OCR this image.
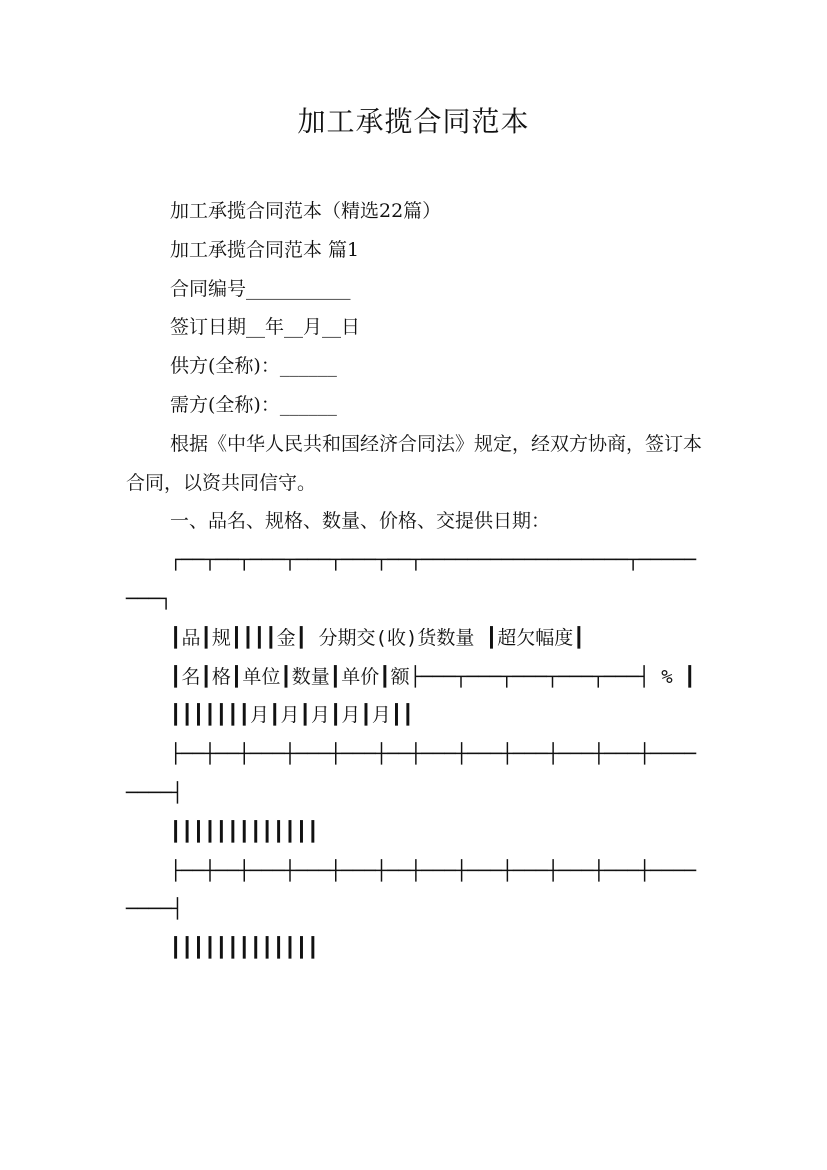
加工承揽合同范本

加工承揽合同范本（精选22篇）

加工承揽合同范本 篇1

合同编号___________

签订日期__年__月__日

供方(全称)：______

需方(全称)：______

根据《中华人民共和国经济合同法》规定，经双方协商，签订本合同，以资共同信守。

一、品名、规格、数量、价格、交提供日期：

┌──┬──┬───┬───┬───┬──┬──────────────────┬────────┐

┃品┃规┃┃┃┃金┃ 分期交(收)货数量 ┃超欠幅度┃

┃名┃格┃单位┃数量┃单价┃额├───┬───┬───┬───┬───┤ % ┃

┃┃┃┃┃┃┃月┃月┃月┃月┃月┃┃

├──┼──┼───┼───┼───┼──┼───┼───┼───┼───┼───┼────────┤

┃┃┃┃┃┃┃┃┃┃┃┃┃

├──┼──┼───┼───┼───┼──┼───┼───┼───┼───┼───┼────────┤

┃┃┃┃┃┃┃┃┃┃┃┃┃
